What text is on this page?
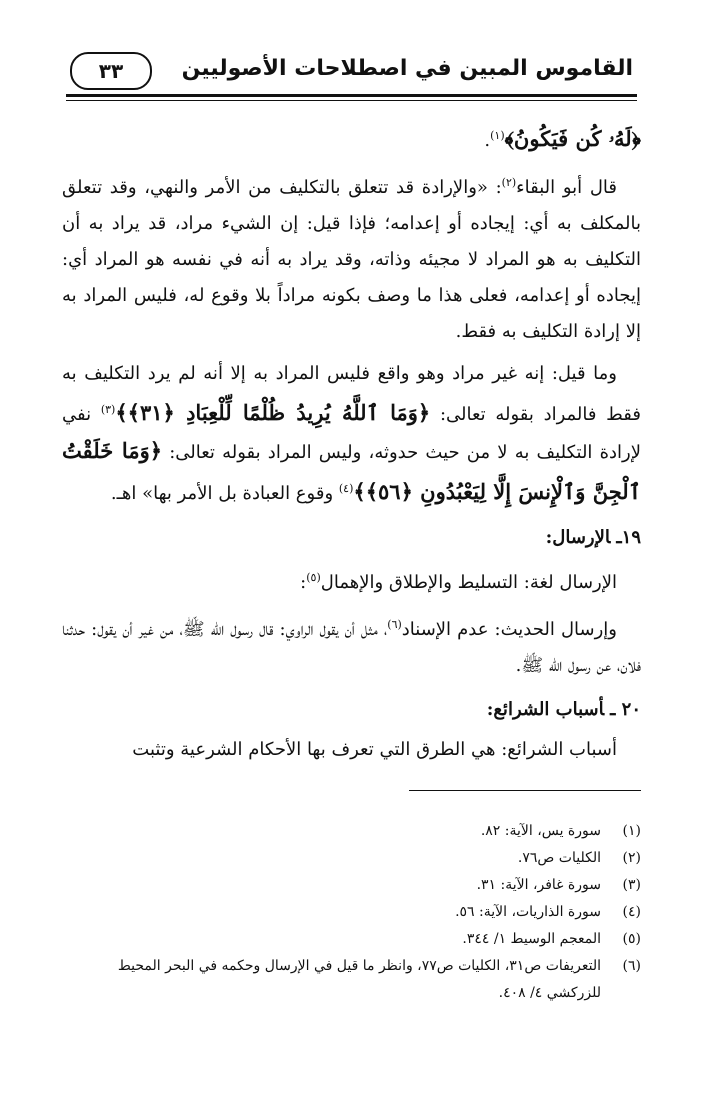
القاموس المبين في اصطلاحات الأصوليين
٣٣

﴿لَهُۥ كُن فَيَكُونُ﴾$^{(١)}$.

قال أبو البقاء$^{(٢)}$: «والإرادة قد تتعلق بالتكليف من الأمر والنهي، وقد تتعلق بالمكلف به أي: إيجاده أو إعدامه؛ فإذا قيل: إن الشيء مراد، قد يراد به أن التكليف به هو المراد لا مجيئه وذاته، وقد يراد به أنه في نفسه هو المراد أي: إيجاده أو إعدامه، فعلى هذا ما وصف بكونه مراداً بلا وقوع له، فليس المراد به إلا إرادة التكليف به فقط.

وما قيل: إنه غير مراد وهو واقع فليس المراد به إلا أنه لم يرد التكليف به فقط فالمراد بقوله تعالى: ﴿وَمَا ٱللَّهُ يُرِيدُ ظُلْمًا لِّلْعِبَادِ ﴿٣١﴾﴾$^{(٣)}$ نفي لإرادة التكليف به لا من حيث حدوثه، وليس المراد بقوله تعالى: ﴿وَمَا خَلَقْتُ ٱلْجِنَّ وَٱلْإِنسَ إِلَّا لِيَعْبُدُونِ ﴿٥٦﴾﴾$^{(٤)}$ وقوع العبادة بل الأمر بها» اهـ.

١٩ـالإرسال:

الإرسال لغة: التسليط والإطلاق والإهمال$^{(٥)}$:

وإرسال الحديث: عدم الإسناد$^{(٦)}$، مثل أن يقول الراوي: قال رسول الله ﷺ، من غير أن يقول: حدثنا فلان، عن رسول الله ﷺ.

٢٠ ـأسباب الشرائع:

أسباب الشرائع: هي الطرق التي تعرف بها الأحكام الشرعية وتثبت

(١)
سورة يس، الآية: ٨٢.
(٢)
الكليات ص٧٦.
(٣)
سورة غافر، الآية: ٣١.
(٤)
سورة الذاريات، الآية: ٥٦.
(٥)
المعجم الوسيط ١/ ٣٤٤.
(٦)
التعريفات ص٣١، الكليات ص٧٧، وانظر ما قيل في الإرسال وحكمه في البحر المحيط للزركشي ٤/ ٤٠٨.
